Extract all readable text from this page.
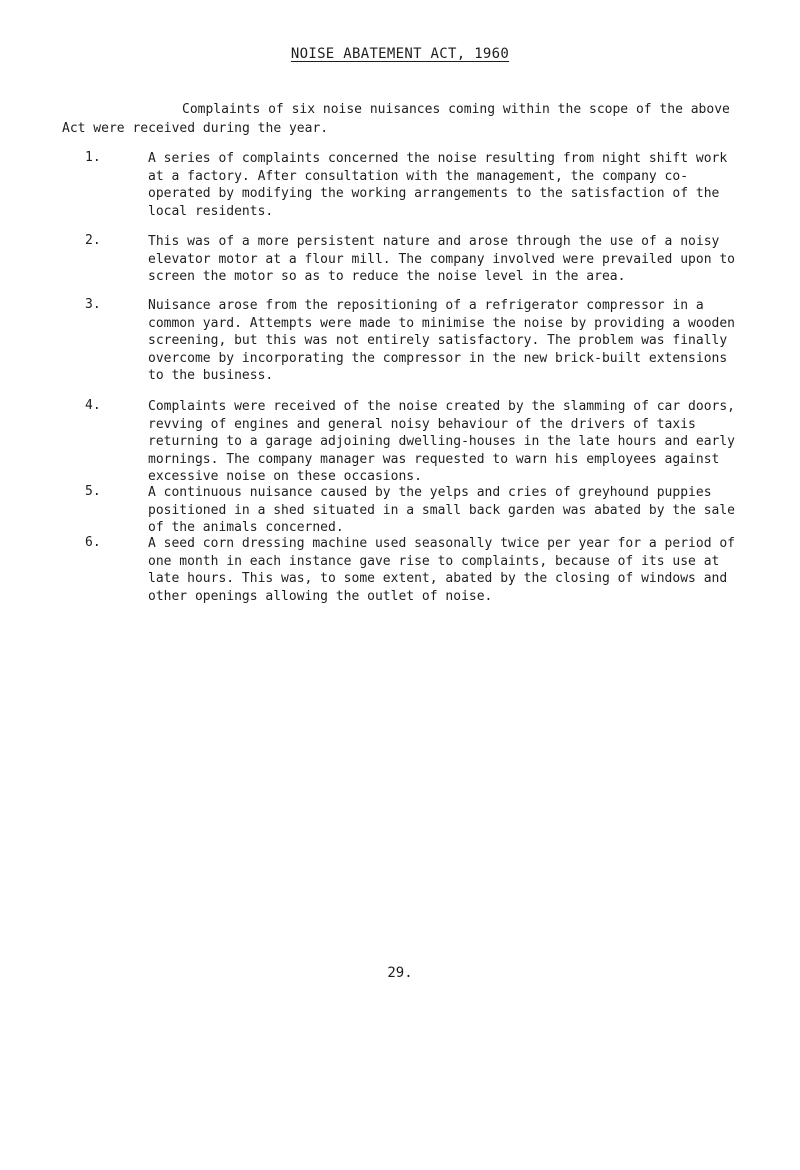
NOISE ABATEMENT ACT, 1960
Complaints of six noise nuisances coming within the scope of the above Act were received during the year.
1.	A series of complaints concerned the noise resulting from night shift work at a factory. After consultation with the management, the company co-operated by modifying the working arrangements to the satisfaction of the local residents.
2.	This was of a more persistent nature and arose through the use of a noisy elevator motor at a flour mill. The company involved were prevailed upon to screen the motor so as to reduce the noise level in the area.
3.	Nuisance arose from the repositioning of a refrigerator compressor in a common yard. Attempts were made to minimise the noise by providing a wooden screening, but this was not entirely satisfactory. The problem was finally overcome by incorporating the compressor in the new brick-built extensions to the business.
4.	Complaints were received of the noise created by the slamming of car doors, revving of engines and general noisy behaviour of the drivers of taxis returning to a garage adjoining dwelling-houses in the late hours and early mornings. The company manager was requested to warn his employees against excessive noise on these occasions.
5.	A continuous nuisance caused by the yelps and cries of greyhound puppies positioned in a shed situated in a small back garden was abated by the sale of the animals concerned.
6.	A seed corn dressing machine used seasonally twice per year for a period of one month in each instance gave rise to complaints, because of its use at late hours. This was, to some extent, abated by the closing of windows and other openings allowing the outlet of noise.
29.
